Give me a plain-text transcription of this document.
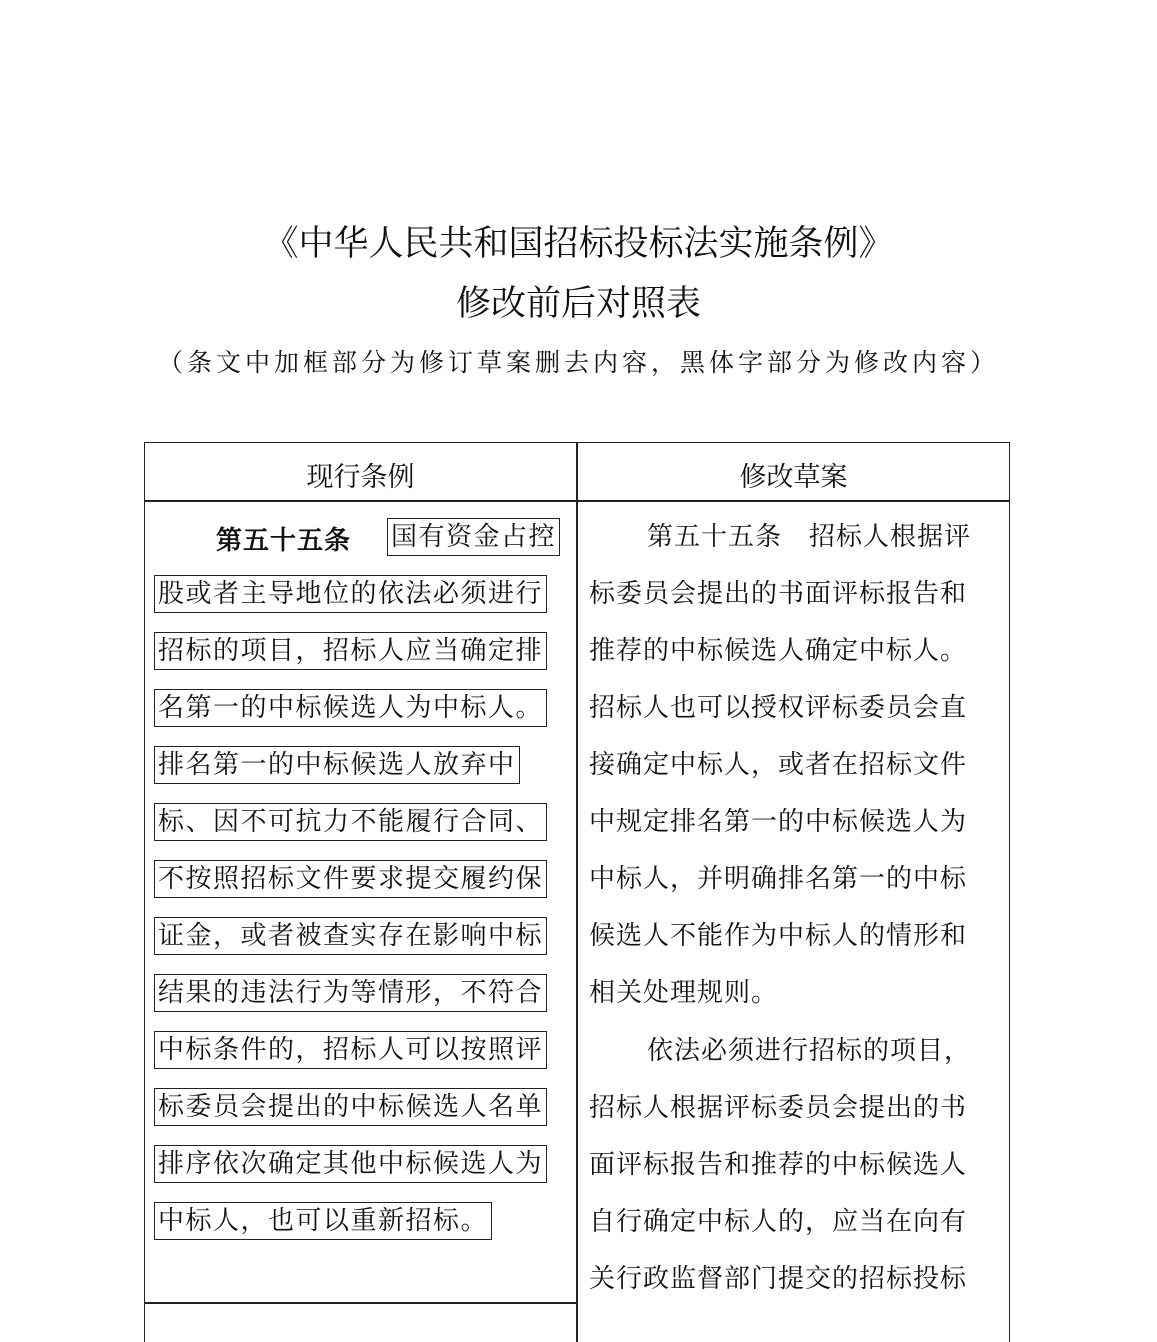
《中华人民共和国招标投标法实施条例》
修改前后对照表
（条文中加框部分为修订草案删去内容，黑体字部分为修改内容）
现行条例	修改草案
第五十五条 国有资金占控
股或者主导地位的依法必须进行
招标的项目，招标人应当确定排
名第一的中标候选人为中标人。
排名第一的中标候选人放弃中
标、因不可抗力不能履行合同、
不按照招标文件要求提交履约保
证金，或者被查实存在影响中标
结果的违法行为等情形，不符合
中标条件的，招标人可以按照评
标委员会提出的中标候选人名单
排序依次确定其他中标候选人为
中标人，也可以重新招标。
第五十五条　招标人根据评
标委员会提出的书面评标报告和
推荐的中标候选人确定中标人。
招标人也可以授权评标委员会直
接确定中标人，或者在招标文件
中规定排名第一的中标候选人为
中标人，并明确排名第一的中标
候选人不能作为中标人的情形和
相关处理规则。
依法必须进行招标的项目，
招标人根据评标委员会提出的书
面评标报告和推荐的中标候选人
自行确定中标人的，应当在向有
关行政监督部门提交的招标投标
